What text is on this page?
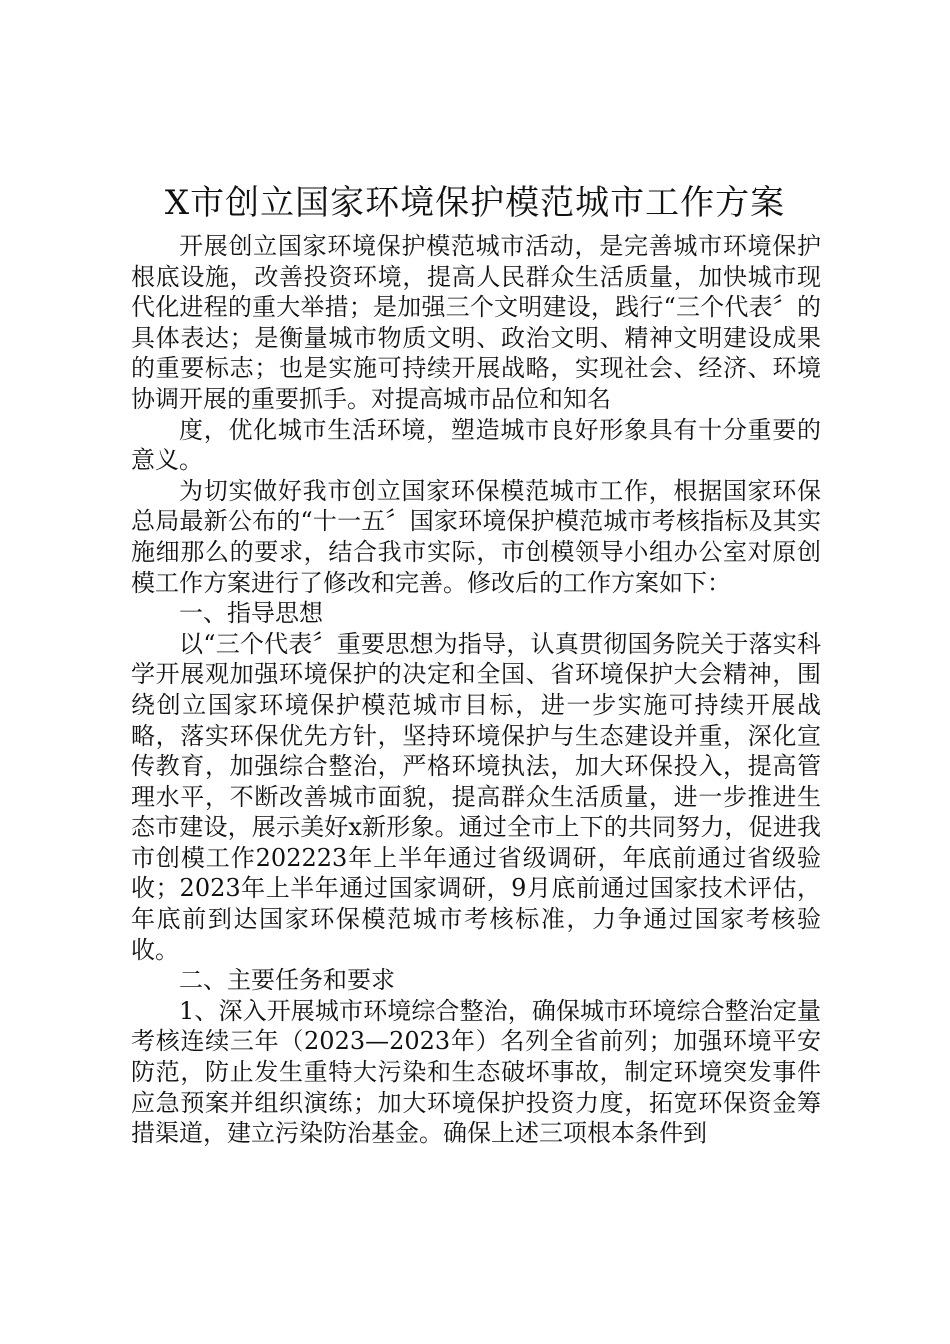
X市创立国家环境保护模范城市工作方案

开展创立国家环境保护模范城市活动，是完善城市环境保护根底设施，改善投资环境，提高人民群众生活质量，加快城市现代化进程的重大举措；是加强三个文明建设，践行“三个代表〞的具体表达；是衡量城市物质文明、政治文明、精神文明建设成果的重要标志；也是实施可持续开展战略，实现社会、经济、环境协调开展的重要抓手。对提高城市品位和知名

度，优化城市生活环境，塑造城市良好形象具有十分重要的意义。

为切实做好我市创立国家环保模范城市工作，根据国家环保总局最新公布的“十一五〞国家环境保护模范城市考核指标及其实施细那么的要求，结合我市实际，市创模领导小组办公室对原创模工作方案进行了修改和完善。修改后的工作方案如下：

一、指导思想

以“三个代表〞重要思想为指导，认真贯彻国务院关于落实科学开展观加强环境保护的决定和全国、省环境保护大会精神，围绕创立国家环境保护模范城市目标，进一步实施可持续开展战略，落实环保优先方针，坚持环境保护与生态建设并重，深化宣传教育，加强综合整治，严格环境执法，加大环保投入，提高管理水平，不断改善城市面貌，提高群众生活质量，进一步推进生态市建设，展示美好x新形象。通过全市上下的共同努力，促进我市创模工作202223年上半年通过省级调研，年底前通过省级验收；2023年上半年通过国家调研，9月底前通过国家技术评估，年底前到达国家环保模范城市考核标准，力争通过国家考核验收。

二、主要任务和要求

1、深入开展城市环境综合整治，确保城市环境综合整治定量考核连续三年（2023—2023年）名列全省前列；加强环境平安防范，防止发生重特大污染和生态破坏事故，制定环境突发事件应急预案并组织演练；加大环境保护投资力度，拓宽环保资金筹措渠道，建立污染防治基金。确保上述三项根本条件到
